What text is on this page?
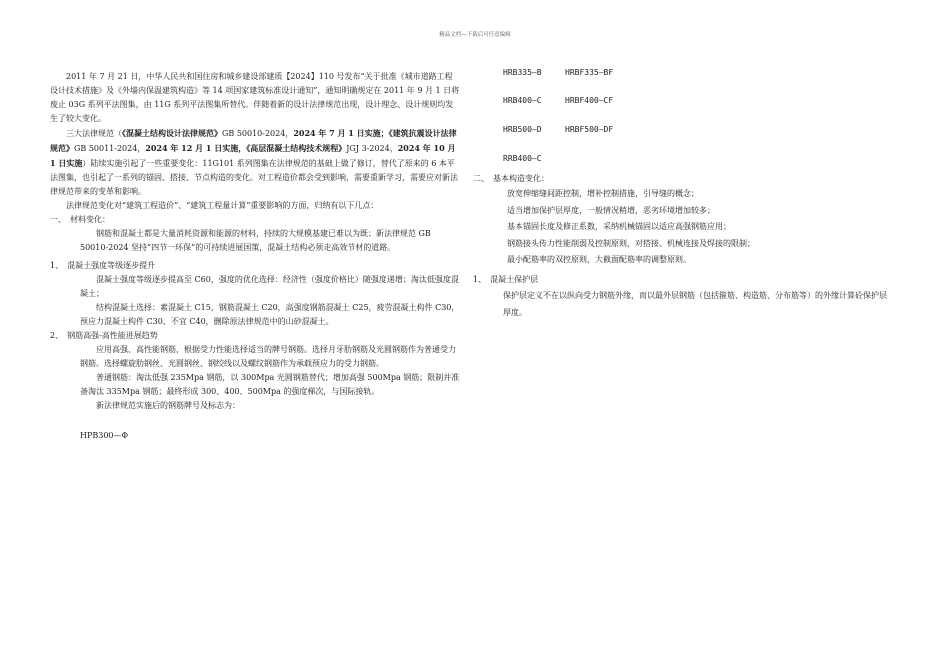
精品文档---下载后可任意编辑

2011 年 7 月 21 日，中华人民共和国住房和城乡建设部建质【2024】110 号发布“关于批准《城市道路工程设计技术措施》及《外墙内保温建筑构造》等 14 项国家建筑标准设计通知”，通知明确规定在 2011 年 9 月 1 日将废止 03G 系列平法图集，由 11G 系列平法图集所替代。伴随着新的设计法律规范出现，设计理念、设计规则均发生了较大变化。

三大法律规范（《混凝土结构设计法律规范》GB 50010-2024，2024 年 7 月 1 日实施；《建筑抗震设计法律规范》GB 50011-2024，2024 年 12 月 1 日实施，《高层混凝土结构技术规程》JGJ 3-2024，2024 年 10 月 1 日实施）陆续实施引起了一些重要变化：11G101 系列图集在法律规范的基础上做了修订，替代了原来的 6 本平法图集，也引起了一系列的锚固、搭接、节点构造的变化。对工程造价都会受到影响，需要重新学习，需要应对新法律规范带来的变革和影响。

法律规范变化对“建筑工程造价”、“建筑工程量计算”重要影响的方面，归纳有以下几点：

一、　材料变化：

钢筋和混凝土都是大量消耗资源和能源的材料，持续的大规模基建已难以为既；新法律规范 GB 50010-2024 坚持“四节一环保”的可持续进展国策，混凝土结构必须走高效节材的道路。

1、　混凝土强度等级逐步提升

混凝土强度等级逐步提高至 C60，强度的优化选择：经济性（强度价格比）随强度递增；淘汰低强度混凝土；

结构混凝土选择：素混凝土 C15，钢筋混凝土 C20，高强度钢筋混凝土 C25，疲劳混凝土构件 C30，预应力混凝土构件 C30、不宜 C40，删除原法律规范中的山砂混凝土。

2、　钢筋高强-高性能进展趋势

应用高强、高性能钢筋，根据受力性能选择适当的牌号钢筋。选择月牙肋钢筋及光圆钢筋作为普通受力钢筋。选择螺旋肋钢丝、光圆钢丝、钢绞线以及螺纹钢筋作为承载预应力的受力钢筋。

普通钢筋：淘汰低强 235Mpa 钢筋，以 300Mpa 光圆钢筋替代；增加高强 500Mpa 钢筋；限制并准备淘汰 335Mpa 钢筋；最终形成 300、400、500Mpa 的强度梯次，与国际接轨。

新法律规范实施后的钢筋牌号及标志为：

HPB300—Φ

HRB335—B	HRBF335—BF
HRB400—C	HRBF400—CF
HRB500—D	HRBF500—DF
RRB400—C

二、　基本构造变化：

放宽伸缩缝间距控制，增补控制措施，引导缝的概念；

适当增加保护层厚度，一般情况稍增，恶劣环境增加较多；

基本锚固长度及修正系数，采纳机械锚固以适应高强钢筋应用；

钢筋接头传力性能削弱及控制原则，对搭接、机械连接及焊接的限制；

最小配筋率的双控原则，大截面配筋率的调整原则。

1、　混凝土保护层

保护层定义不在以纵向受力钢筋外缘，而以最外层钢筋（包括箍筋、构造筋、分布筋等）的外缘计算砼保护层厚度。
